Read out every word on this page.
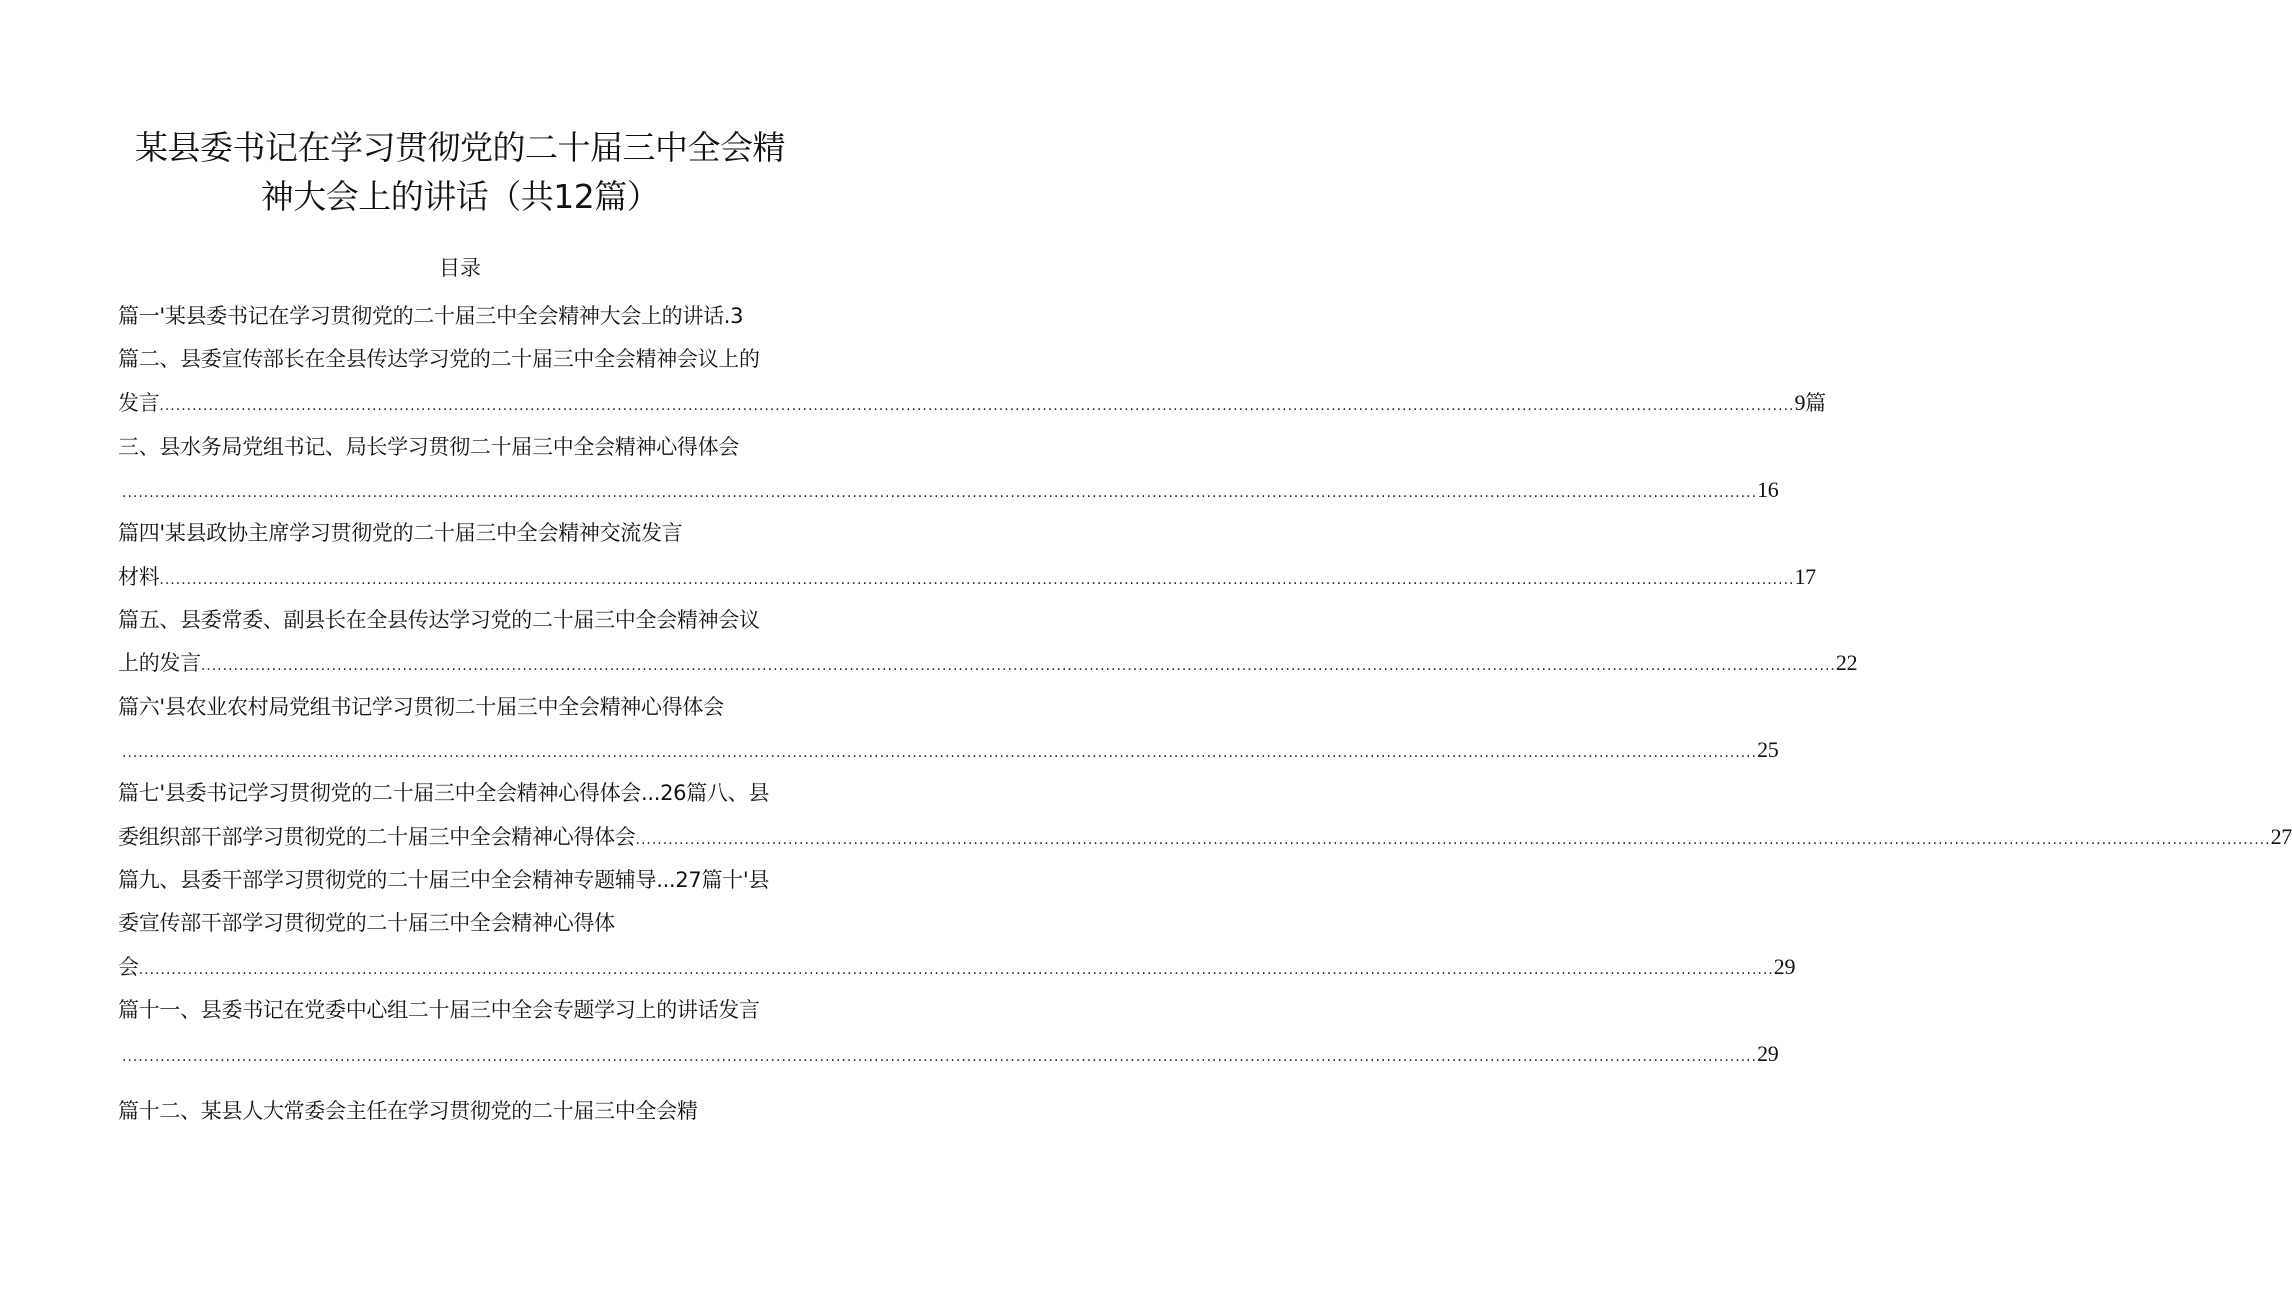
某县委书记在学习贯彻党的二十届三中全会精
神大会上的讲话（共12篇）
目录
篇一'某县委书记在学习贯彻党的二十届三中全会精神大会上的讲话.3
篇二、县委宣传部长在全县传达学习党的二十届三中全会精神会议上的
发言 ............................................................................................................................................................................................................................................................................................................ 9 篇
三、县水务局党组书记、局长学习贯彻二十届三中全会精神心得体会
............................................................................................................................................................................................................................................................................................................ 16
篇四'某县政协主席学习贯彻党的二十届三中全会精神交流发言
材料 ............................................................................................................................................................................................................................................................................................................ 17
篇五、县委常委、副县长在全县传达学习党的二十届三中全会精神会议
上的发言 ............................................................................................................................................................................................................................................................................................................ 22
篇六'县农业农村局党组书记学习贯彻二十届三中全会精神心得体会
............................................................................................................................................................................................................................................................................................................ 25
篇七'县委书记学习贯彻党的二十届三中全会精神心得体会...26篇八、县
委组织部干部学习贯彻党的二十届三中全会精神心得体会 ............................................................................................................................................................................................................................................................................................................ 27
篇九、县委干部学习贯彻党的二十届三中全会精神专题辅导...27篇十'县
委宣传部干部学习贯彻党的二十届三中全会精神心得体
会 ............................................................................................................................................................................................................................................................................................................ 29
篇十一、县委书记在党委中心组二十届三中全会专题学习上的讲话发言
............................................................................................................................................................................................................................................................................................................ 29
篇十二、某县人大常委会主任在学习贯彻党的二十届三中全会精
